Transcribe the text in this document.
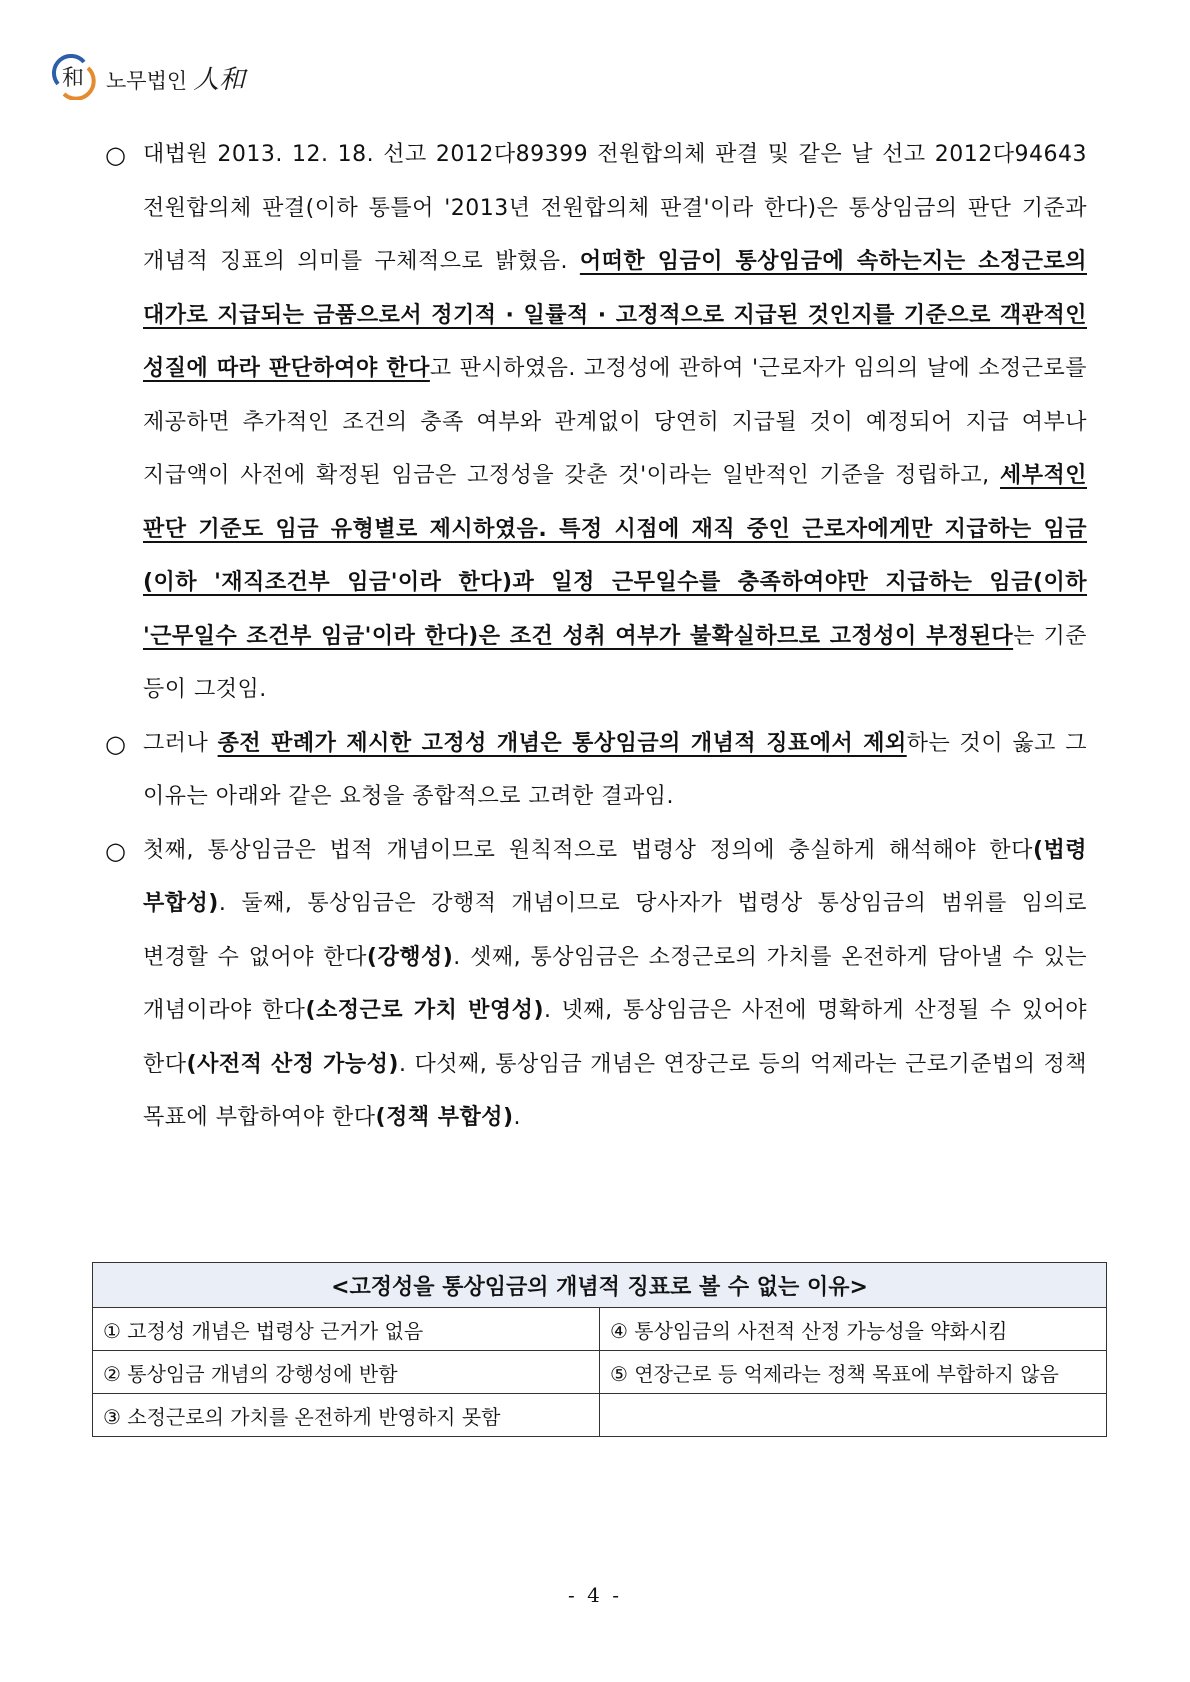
和 노무법인 人和
○ 대법원 2013. 12. 18. 선고 2012다89399 전원합의체 판결 및 같은 날 선고 2012다94643 전원합의체 판결(이하 통틀어 '2013년 전원합의체 판결'이라 한다)은 통상임금의 판단 기준과 개념적 징표의 의미를 구체적으로 밝혔음. 어떠한 임금이 통상임금에 속하는지는 소정근로의 대가로 지급되는 금품으로서 정기적 · 일률적 · 고정적으로 지급된 것인지를 기준으로 객관적인 성질에 따라 판단하여야 한다고 판시하였음. 고정성에 관하여 '근로자가 임의의 날에 소정근로를 제공하면 추가적인 조건의 충족 여부와 관계없이 당연히 지급될 것이 예정되어 지급 여부나 지급액이 사전에 확정된 임금은 고정성을 갖춘 것'이라는 일반적인 기준을 정립하고, 세부적인 판단 기준도 임금 유형별로 제시하였음. 특정 시점에 재직 중인 근로자에게만 지급하는 임금(이하 '재직조건부 임금'이라 한다)과 일정 근무일수를 충족하여야만 지급하는 임금(이하 '근무일수 조건부 임금'이라 한다)은 조건 성취 여부가 불확실하므로 고정성이 부정된다는 기준 등이 그것임.

○ 그러나 종전 판례가 제시한 고정성 개념은 통상임금의 개념적 징표에서 제외하는 것이 옳고 그 이유는 아래와 같은 요청을 종합적으로 고려한 결과임.

○ 첫째, 통상임금은 법적 개념이므로 원칙적으로 법령상 정의에 충실하게 해석해야 한다(법령 부합성). 둘째, 통상임금은 강행적 개념이므로 당사자가 법령상 통상임금의 범위를 임의로 변경할 수 없어야 한다(강행성). 셋째, 통상임금은 소정근로의 가치를 온전하게 담아낼 수 있는 개념이라야 한다(소정근로 가치 반영성). 넷째, 통상임금은 사전에 명확하게 산정될 수 있어야 한다(사전적 산정 가능성). 다섯째, 통상임금 개념은 연장근로 등의 억제라는 근로기준법의 정책 목표에 부합하여야 한다(정책 부합성).

<고정성을 통상임금의 개념적 징표로 볼 수 없는 이유>	
① 고정성 개념은 법령상 근거가 없음	④ 통상임금의 사전적 산정 가능성을 약화시킴
② 통상임금 개념의 강행성에 반함	⑤ 연장근로 등 억제라는 정책 목표에 부합하지 않음
③ 소정근로의 가치를 온전하게 반영하지 못함	
- 4 -
